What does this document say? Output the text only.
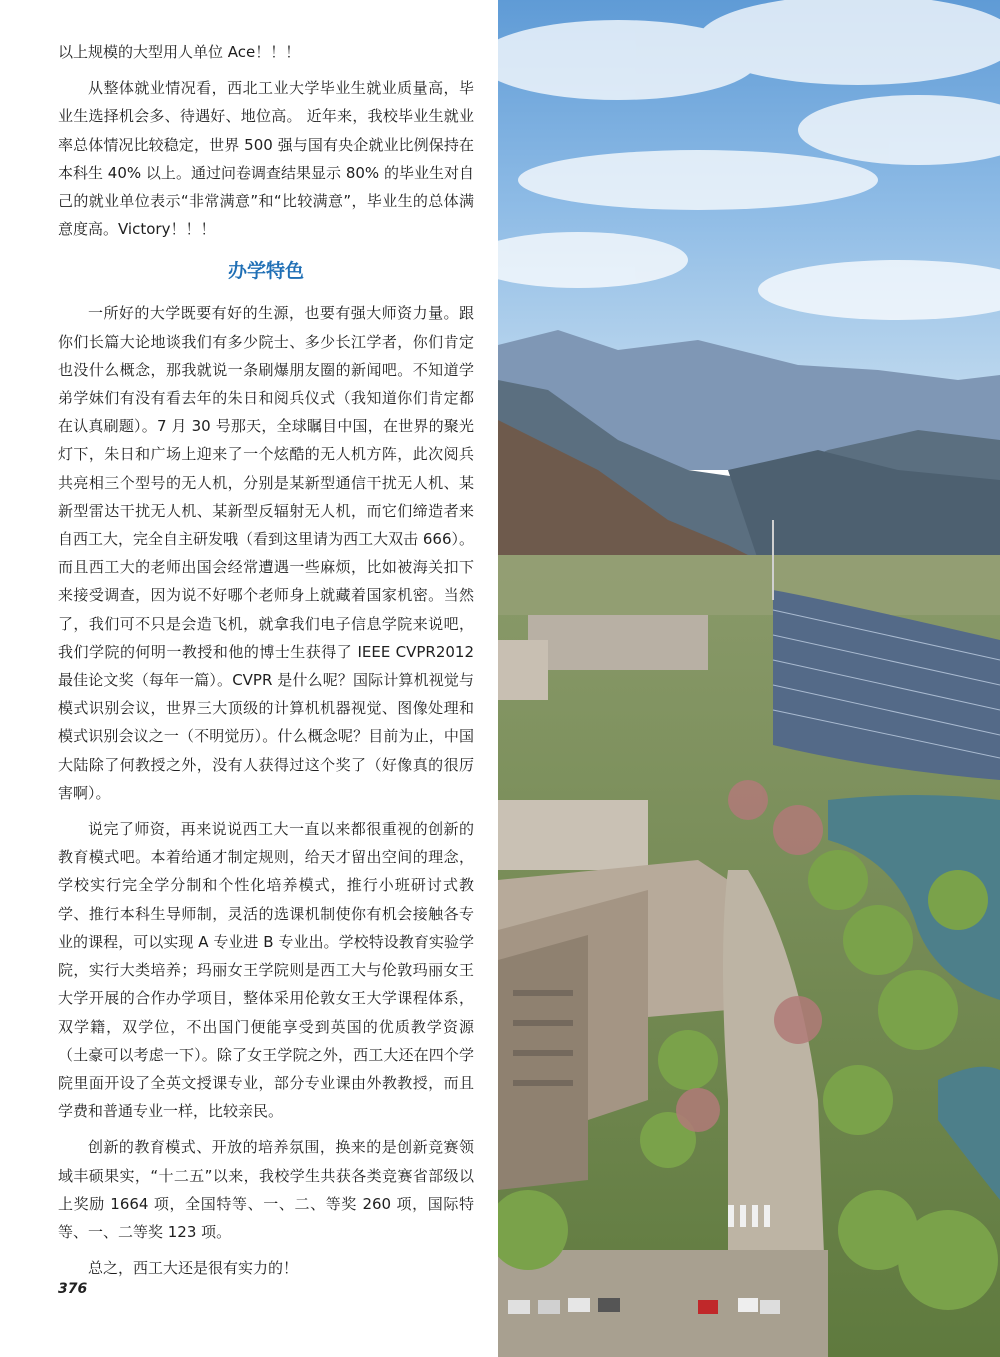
以上规模的大型用人单位 Ace！！！

从整体就业情况看，西北工业大学毕业生就业质量高，毕业生选择机会多、待遇好、地位高。 近年来，我校毕业生就业率总体情况比较稳定，世界 500 强与国有央企就业比例保持在本科生 40% 以上。通过问卷调查结果显示 80% 的毕业生对自己的就业单位表示“非常满意”和“比较满意”，毕业生的总体满意度高。Victory！！！

办学特色

一所好的大学既要有好的生源，也要有强大师资力量。跟你们长篇大论地谈我们有多少院士、多少长江学者，你们肯定也没什么概念，那我就说一条刷爆朋友圈的新闻吧。不知道学弟学妹们有没有看去年的朱日和阅兵仪式（我知道你们肯定都在认真刷题）。7 月 30 号那天，全球瞩目中国，在世界的聚光灯下，朱日和广场上迎来了一个炫酷的无人机方阵，此次阅兵共亮相三个型号的无人机，分别是某新型通信干扰无人机、某新型雷达干扰无人机、某新型反辐射无人机，而它们缔造者来自西工大，完全自主研发哦（看到这里请为西工大双击 666）。而且西工大的老师出国会经常遭遇一些麻烦，比如被海关扣下来接受调查，因为说不好哪个老师身上就藏着国家机密。当然了，我们可不只是会造飞机，就拿我们电子信息学院来说吧，我们学院的何明一教授和他的博士生获得了 IEEE CVPR2012 最佳论文奖（每年一篇）。CVPR 是什么呢？国际计算机视觉与模式识别会议，世界三大顶级的计算机机器视觉、图像处理和模式识别会议之一（不明觉历）。什么概念呢？目前为止，中国大陆除了何教授之外，没有人获得过这个奖了（好像真的很厉害啊）。

说完了师资，再来说说西工大一直以来都很重视的创新的教育模式吧。本着给通才制定规则，给天才留出空间的理念，学校实行完全学分制和个性化培养模式，推行小班研讨式教学、推行本科生导师制，灵活的选课机制使你有机会接触各专业的课程，可以实现 A 专业进 B 专业出。学校特设教育实验学院，实行大类培养；玛丽女王学院则是西工大与伦敦玛丽女王大学开展的合作办学项目，整体采用伦敦女王大学课程体系，双学籍，双学位，不出国门便能享受到英国的优质教学资源（土豪可以考虑一下）。除了女王学院之外，西工大还在四个学院里面开设了全英文授课专业，部分专业课由外教教授，而且学费和普通专业一样，比较亲民。

创新的教育模式、开放的培养氛围，换来的是创新竞赛领域丰硕果实，“十二五”以来，我校学生共获各类竞赛省部级以上奖励 1664 项，全国特等、一、二、等奖 260 项，国际特等、一、二等奖 123 项。

总之，西工大还是很有实力的！

376
